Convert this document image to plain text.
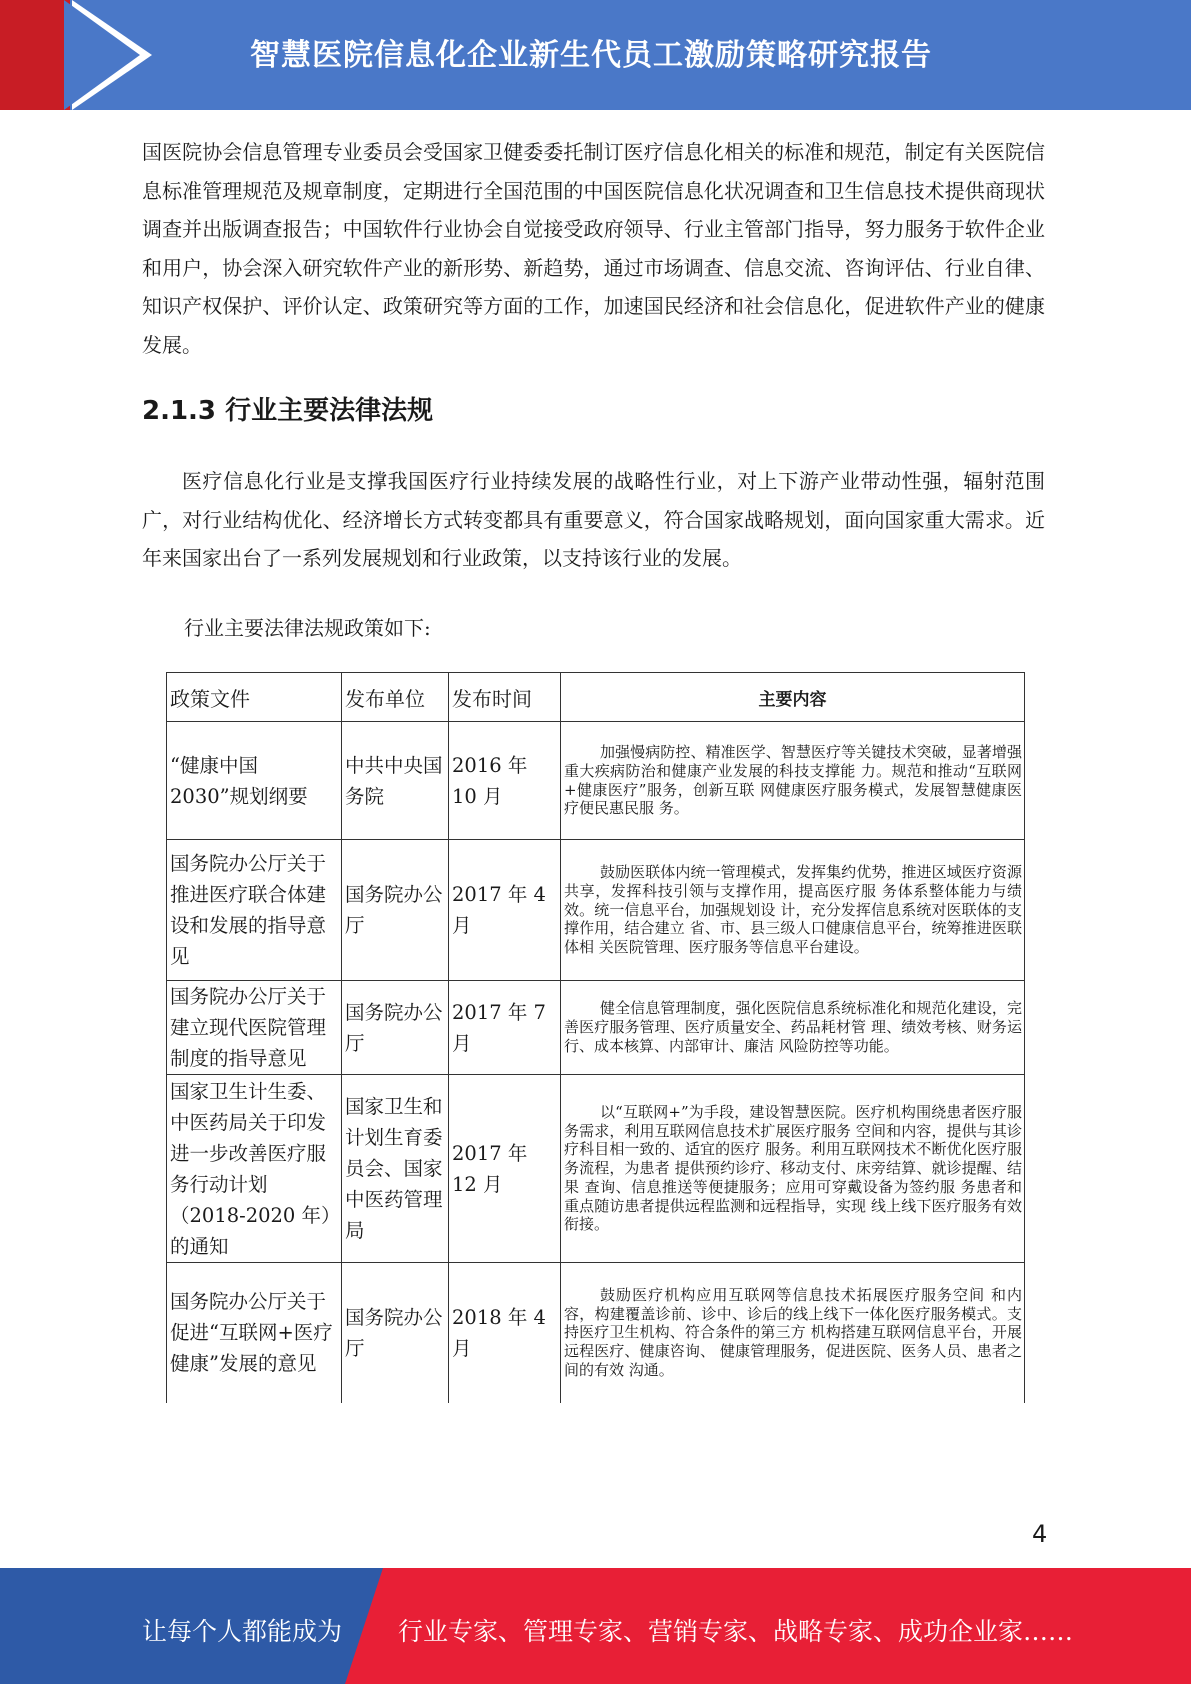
智慧医院信息化企业新生代员工激励策略研究报告
国医院协会信息管理专业委员会受国家卫健委委托制订医疗信息化相关的标准和规范，制定有关医院信息标准管理规范及规章制度，定期进行全国范围的中国医院信息化状况调查和卫生信息技术提供商现状调查并出版调查报告；中国软件行业协会自觉接受政府领导、行业主管部门指导，努力服务于软件企业和用户，协会深入研究软件产业的新形势、新趋势，通过市场调查、信息交流、咨询评估、行业自律、知识产权保护、评价认定、政策研究等方面的工作，加速国民经济和社会信息化，促进软件产业的健康发展。
2.1.3 行业主要法律法规
医疗信息化行业是支撑我国医疗行业持续发展的战略性行业，对上下游产业带动性强，辐射范围广，对行业结构优化、经济增长方式转变都具有重要意义，符合国家战略规划，面向国家重大需求。近年来国家出台了一系列发展规划和行业政策，以支持该行业的发展。
行业主要法律法规政策如下:
政策文件	发布单位	发布时间	主要内容
“健康中国 2030”规划纲要	中共中央国务院	2016 年 10 月	加强慢病防控、精准医学、智慧医疗等关键技术突破，显著增强重大疾病防治和健康产业发展的科技支撑能 力。规范和推动“互联网+健康医疗”服务，创新互联 网健康医疗服务模式，发展智慧健康医疗便民惠民服 务。

国务院办公厅关于推进医疗联合体建设和发展的指导意见	国务院办公厅	2017 年 4 月	鼓励医联体内统一管理模式，发挥集约优势，推进区域医疗资源共享，发挥科技引领与支撑作用，提高医疗服 务体系整体能力与绩效。统一信息平台，加强规划设 计，充分发挥信息系统对医联体的支撑作用，结合建立 省、市、县三级人口健康信息平台，统筹推进医联体相 关医院管理、医疗服务等信息平台建设。

国务院办公厅关于建立现代医院管理制度的指导意见	国务院办公厅	2017 年 7 月	健全信息管理制度，强化医院信息系统标准化和规范化建设，完善医疗服务管理、医疗质量安全、药品耗材管 理、绩效考核、财务运行、成本核算、内部审计、廉洁 风险防控等功能。

国家卫生计生委、中医药局关于印发进一步改善医疗服务行动计划（2018-2020 年）的通知	国家卫生和计划生育委员会、国家中医药管理局	2017 年 12 月	以“互联网+”为手段，建设智慧医院。医疗机构围绕患者医疗服务需求，利用互联网信息技术扩展医疗服务 空间和内容，提供与其诊疗科目相一致的、适宜的医疗 服务。利用互联网技术不断优化医疗服务流程，为患者 提供预约诊疗、移动支付、床旁结算、就诊提醒、结果 查询、信息推送等便捷服务；应用可穿戴设备为签约服 务患者和重点随访患者提供远程监测和远程指导，实现 线上线下医疗服务有效衔接。

国务院办公厅关于促进“互联网+医疗健康”发展的意见	国务院办公厅	2018 年 4 月	鼓励医疗机构应用互联网等信息技术拓展医疗服务空间 和内容，构建覆盖诊前、诊中、诊后的线上线下一体化医疗服务模式。支持医疗卫生机构、符合条件的第三方 机构搭建互联网信息平台，开展远程医疗、健康咨询、 健康管理服务，促进医院、医务人员、患者之间的有效 沟通。
4
让每个人都能成为 行业专家、管理专家、营销专家、战略专家、成功企业家……
